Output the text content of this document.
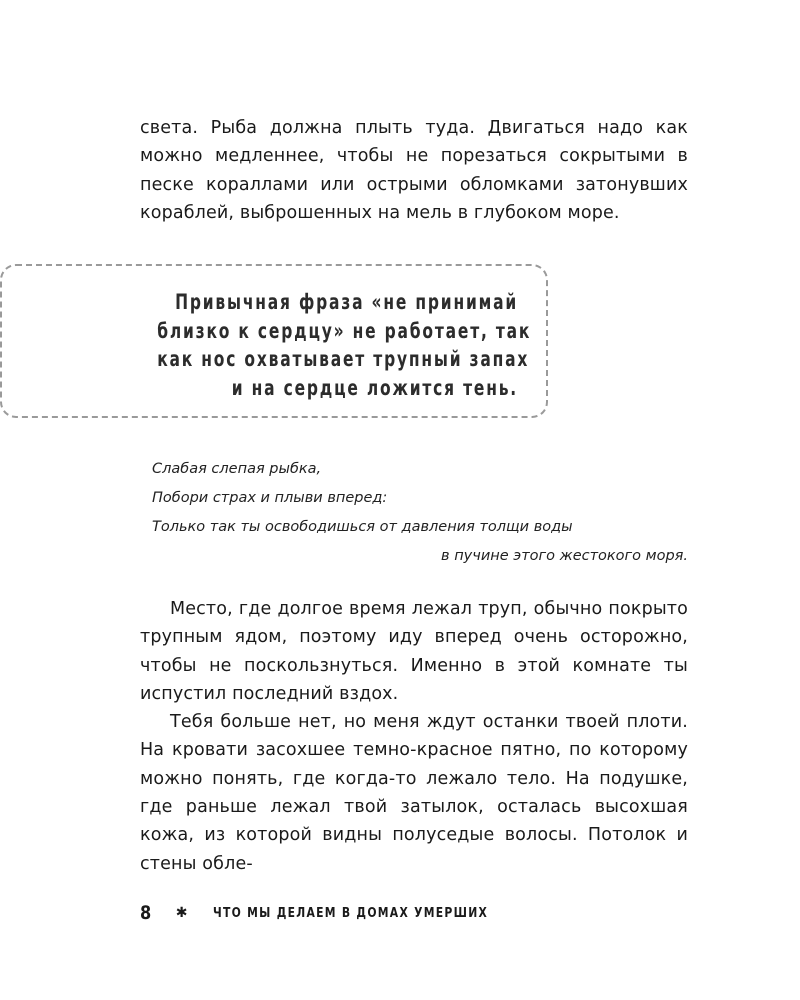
света. Рыба должна плыть туда. Двигаться надо как можно медленнее, чтобы не порезаться сокрытыми в песке кораллами или острыми обломками затонувших кораблей, выброшенных на мель в глубоком море.

Привычная фраза «не принимай
близко к сердцу» не работает, так
как нос охватывает трупный запах
и на сердце ложится тень.

Слабая слепая рыбка,
Побори страх и плыви вперед:
Только так ты освободишься от давления толщи воды
в пучине этого жестокого моря.

Место, где долгое время лежал труп, обычно покрыто трупным ядом, поэтому иду вперед очень осторожно, чтобы не поскользнуться. Именно в этой комнате ты испустил последний вздох.

Тебя больше нет, но меня ждут останки твоей плоти. На кровати засохшее темно-красное пятно, по которому можно понять, где когда-то лежало тело. На подушке, где раньше лежал твой затылок, осталась высохшая кожа, из которой видны полуседые волосы. Потолок и стены обле-

8 ✱ ЧТО МЫ ДЕЛАЕМ В ДОМАХ УМЕРШИХ
